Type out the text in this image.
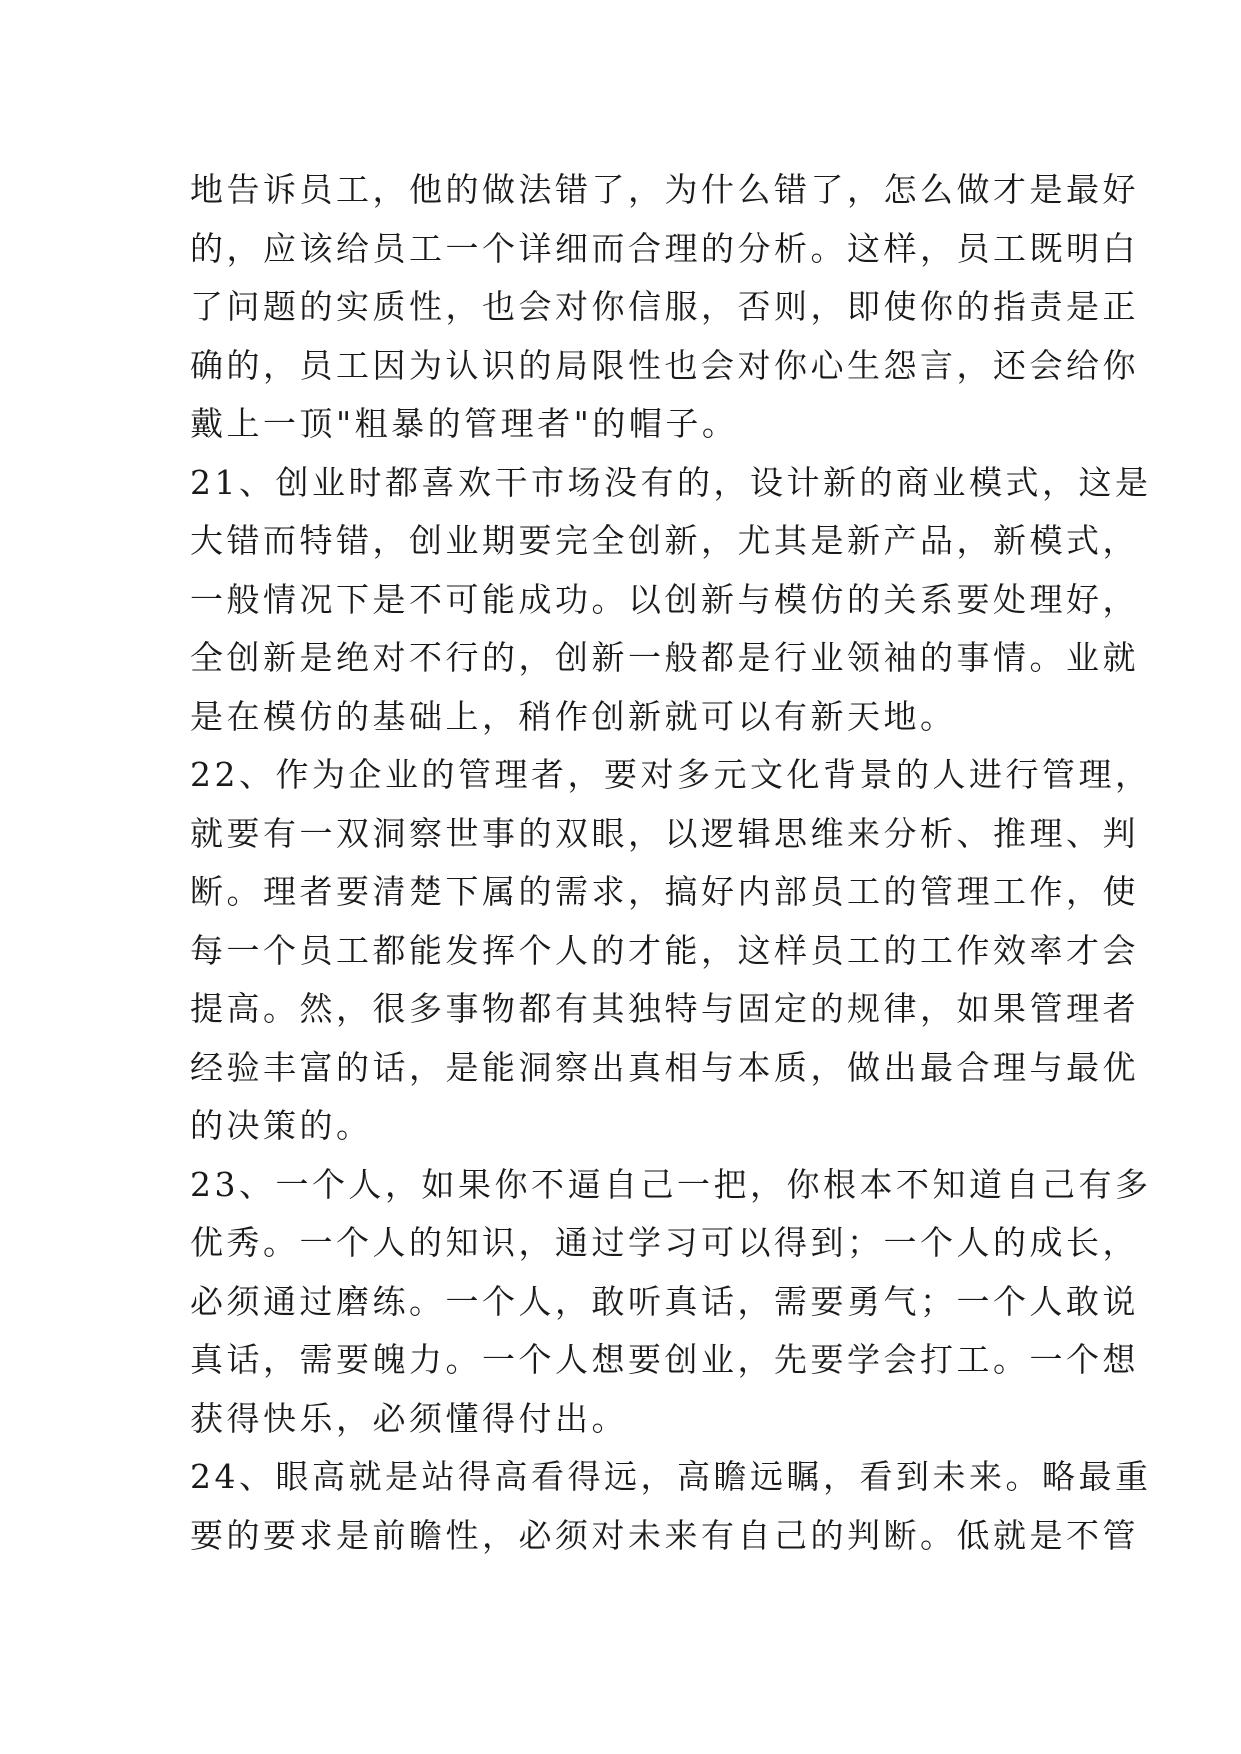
地告诉员工，他的做法错了，为什么错了，怎么做才是最好
的，应该给员工一个详细而合理的分析。这样，员工既明白
了问题的实质性，也会对你信服，否则，即使你的指责是正
确的，员工因为认识的局限性也会对你心生怨言，还会给你
戴上一顶"粗暴的管理者"的帽子。
21、创业时都喜欢干市场没有的，设计新的商业模式，这是
大错而特错，创业期要完全创新，尤其是新产品，新模式，
一般情况下是不可能成功。以创新与模仿的关系要处理好，
全创新是绝对不行的，创新一般都是行业领袖的事情。业就
是在模仿的基础上，稍作创新就可以有新天地。
22、作为企业的管理者，要对多元文化背景的人进行管理，
就要有一双洞察世事的双眼，以逻辑思维来分析、推理、判
断。理者要清楚下属的需求，搞好内部员工的管理工作，使
每一个员工都能发挥个人的才能，这样员工的工作效率才会
提高。然，很多事物都有其独特与固定的规律，如果管理者
经验丰富的话，是能洞察出真相与本质，做出最合理与最优
的决策的。
23、一个人，如果你不逼自己一把，你根本不知道自己有多
优秀。一个人的知识，通过学习可以得到；一个人的成长，
必须通过磨练。一个人，敢听真话，需要勇气；一个人敢说
真话，需要魄力。一个人想要创业，先要学会打工。一个想
获得快乐，必须懂得付出。
24、眼高就是站得高看得远，高瞻远瞩，看到未来。略最重
要的要求是前瞻性，必须对未来有自己的判断。低就是不管
